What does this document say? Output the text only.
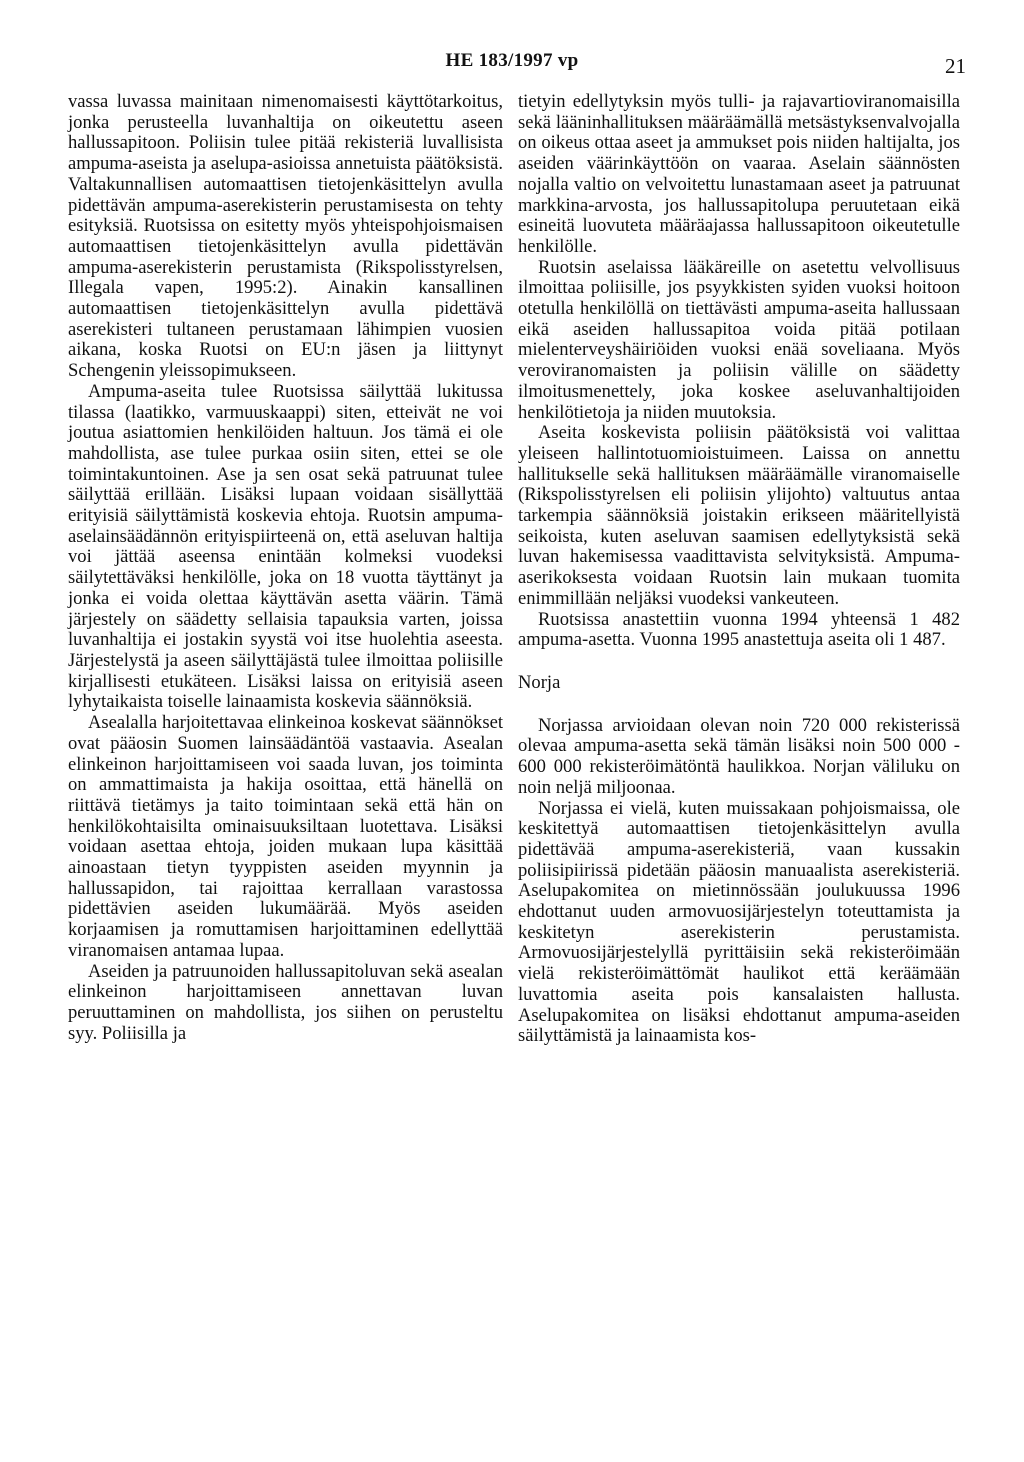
HE 183/1997 vp	21

vassa luvassa mainitaan nimenomaisesti käyttötarkoitus, jonka perusteella luvanhaltija on oikeutettu aseen hallussapitoon. Poliisin tulee pitää rekisteriä luvallisista ampuma-aseista ja aselupa-asioissa annetuista päätöksistä. Valtakunnallisen automaattisen tietojenkäsittelyn avulla pidettävän ampuma-aserekisterin perustamisesta on tehty esityksiä. Ruotsissa on esitetty myös yhteispohjoismaisen automaattisen tietojenkäsittelyn avulla pidettävän ampuma-aserekisterin perustamista (Rikspolisstyrelsen, Illegala vapen, 1995:2). Ainakin kansallinen automaattisen tietojenkäsittelyn avulla pidettävä aserekisteri tultaneen perustamaan lähimpien vuosien aikana, koska Ruotsi on EU:n jäsen ja liittynyt Schengenin yleissopimukseen.

Ampuma-aseita tulee Ruotsissa säilyttää lukitussa tilassa (laatikko, varmuuskaappi) siten, etteivät ne voi joutua asiattomien henkilöiden haltuun. Jos tämä ei ole mahdollista, ase tulee purkaa osiin siten, ettei se ole toimintakuntoinen. Ase ja sen osat sekä patruunat tulee säilyttää erillään. Lisäksi lupaan voidaan sisällyttää erityisiä säilyttämistä koskevia ehtoja. Ruotsin ampuma-aselainsäädännön erityispiirteenä on, että aseluvan haltija voi jättää aseensa enintään kolmeksi vuodeksi säilytettäväksi henkilölle, joka on 18 vuotta täyttänyt ja jonka ei voida olettaa käyttävän asetta väärin. Tämä järjestely on säädetty sellaisia tapauksia varten, joissa luvanhaltija ei jostakin syystä voi itse huolehtia aseesta. Järjestelystä ja aseen säilyttäjästä tulee ilmoittaa poliisille kirjallisesti etukäteen. Lisäksi laissa on erityisiä aseen lyhytaikaista toiselle lainaamista koskevia säännöksiä.

Asealalla harjoitettavaa elinkeinoa koskevat säännökset ovat pääosin Suomen lainsäädäntöä vastaavia. Asealan elinkeinon harjoittamiseen voi saada luvan, jos toiminta on ammattimaista ja hakija osoittaa, että hänellä on riittävä tietämys ja taito toimintaan sekä että hän on henkilökohtaisilta ominaisuuksiltaan luotettava. Lisäksi voidaan asettaa ehtoja, joiden mukaan lupa käsittää ainoastaan tietyn tyyppisten aseiden myynnin ja hallussapidon, tai rajoittaa kerrallaan varastossa pidettävien aseiden lukumäärää. Myös aseiden korjaamisen ja romuttamisen harjoittaminen edellyttää viranomaisen antamaa lupaa.

Aseiden ja patruunoiden hallussapitoluvan sekä asealan elinkeinon harjoittamiseen annettavan luvan peruuttaminen on mahdollista, jos siihen on perusteltu syy. Poliisilla ja

tietyin edellytyksin myös tulli- ja rajavartioviranomaisilla sekä lääninhallituksen määräämällä metsästyksenvalvojalla on oikeus ottaa aseet ja ammukset pois niiden haltijalta, jos aseiden väärinkäyttöön on vaaraa. Aselain säännösten nojalla valtio on velvoitettu lunastamaan aseet ja patruunat markkina-arvosta, jos hallussapitolupa peruutetaan eikä esineitä luovuteta määräajassa hallussapitoon oikeutetulle henkilölle.

Ruotsin aselaissa lääkäreille on asetettu velvollisuus ilmoittaa poliisille, jos psyykkisten syiden vuoksi hoitoon otetulla henkilöllä on tiettävästi ampuma-aseita hallussaan eikä aseiden hallussapitoa voida pitää potilaan mielenterveyshäiriöiden vuoksi enää soveliaana. Myös veroviranomaisten ja poliisin välille on säädetty ilmoitusmenettely, joka koskee aseluvanhaltijoiden henkilötietoja ja niiden muutoksia.

Aseita koskevista poliisin päätöksistä voi valittaa yleiseen hallintotuomioistuimeen. Laissa on annettu hallitukselle sekä hallituksen määräämälle viranomaiselle (Rikspolisstyrelsen eli poliisin ylijohto) valtuutus antaa tarkempia säännöksiä joistakin erikseen määritellyistä seikoista, kuten aseluvan saamisen edellytyksistä sekä luvan hakemisessa vaadittavista selvityksistä. Ampuma-aserikoksesta voidaan Ruotsin lain mukaan tuomita enimmillään neljäksi vuodeksi vankeuteen.

Ruotsissa anastettiin vuonna 1994 yhteensä 1 482 ampuma-asetta. Vuonna 1995 anastettuja aseita oli 1 487.

Norja

Norjassa arvioidaan olevan noin 720 000 rekisterissä olevaa ampuma-asetta sekä tämän lisäksi noin 500 000 - 600 000 rekisteröimätöntä haulikkoa. Norjan väliluku on noin neljä miljoonaa.

Norjassa ei vielä, kuten muissakaan pohjoismaissa, ole keskitettyä automaattisen tietojenkäsittelyn avulla pidettävää ampuma-aserekisteriä, vaan kussakin poliisipiirissä pidetään pääosin manuaalista aserekisteriä. Aselupakomitea on mietinnössään joulukuussa 1996 ehdottanut uuden armovuosijärjestelyn toteuttamista ja keskitetyn aserekisterin perustamista. Armovuosijärjestelyllä pyrittäisiin sekä rekisteröimään vielä rekisteröimättömät haulikot että keräämään luvattomia aseita pois kansalaisten hallusta. Aselupakomitea on lisäksi ehdottanut ampuma-aseiden säilyttämistä ja lainaamista kos-
